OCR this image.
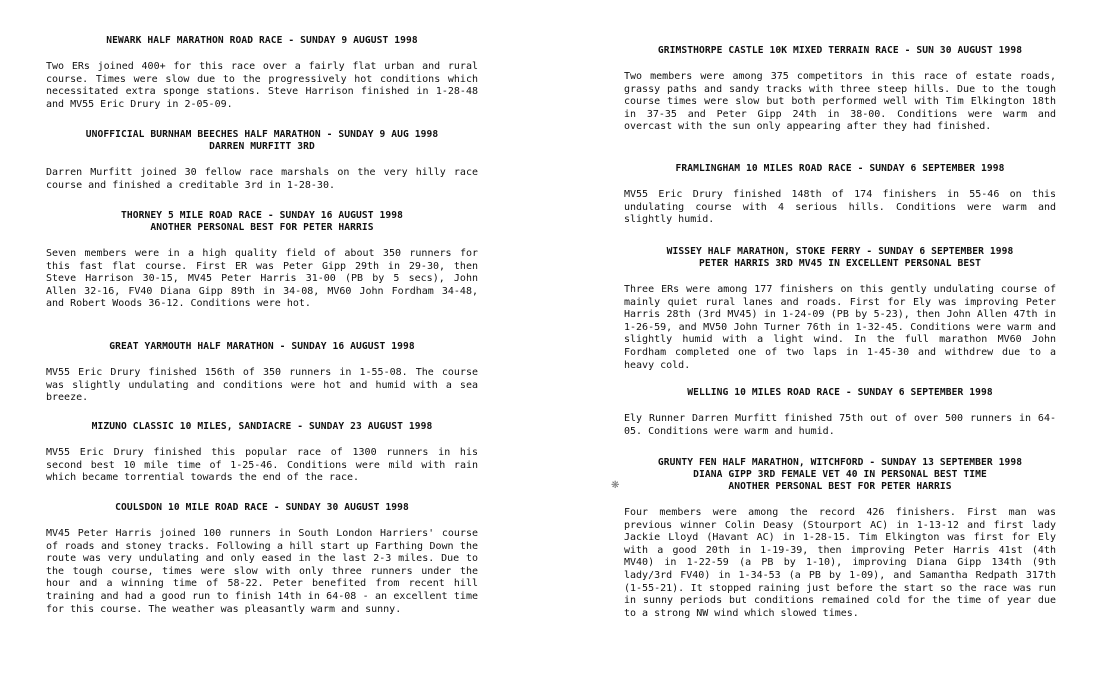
NEWARK HALF MARATHON ROAD RACE - SUNDAY 9 AUGUST 1998
Two ERs joined 400+ for this race over a fairly flat urban and rural course. Times were slow due to the progressively hot conditions which necessitated extra sponge stations. Steve Harrison finished in 1-28-48 and MV55 Eric Drury in 2-05-09.
UNOFFICIAL BURNHAM BEECHES HALF MARATHON - SUNDAY 9 AUG 1998
DARREN MURFITT 3RD
Darren Murfitt joined 30 fellow race marshals on the very hilly race course and finished a creditable 3rd in 1-28-30.
THORNEY 5 MILE ROAD RACE - SUNDAY 16 AUGUST 1998
ANOTHER PERSONAL BEST FOR PETER HARRIS
Seven members were in a high quality field of about 350 runners for this fast flat course. First ER was Peter Gipp 29th in 29-30, then Steve Harrison 30-15, MV45 Peter Harris 31-00 (PB by 5 secs), John Allen 32-16, FV40 Diana Gipp 89th in 34-08, MV60 John Fordham 34-48, and Robert Woods 36-12. Conditions were hot.
GREAT YARMOUTH HALF MARATHON - SUNDAY 16 AUGUST 1998
MV55 Eric Drury finished 156th of 350 runners in 1-55-08. The course was slightly undulating and conditions were hot and humid with a sea breeze.
MIZUNO CLASSIC 10 MILES, SANDIACRE - SUNDAY 23 AUGUST 1998
MV55 Eric Drury finished this popular race of 1300 runners in his second best 10 mile time of 1-25-46. Conditions were mild with rain which became torrential towards the end of the race.
COULSDON 10 MILE ROAD RACE - SUNDAY 30 AUGUST 1998
MV45 Peter Harris joined 100 runners in South London Harriers' course of roads and stoney tracks. Following a hill start up Farthing Down the route was very undulating and only eased in the last 2-3 miles. Due to the tough course, times were slow with only three runners under the hour and a winning time of 58-22. Peter benefited from recent hill training and had a good run to finish 14th in 64-08 - an excellent time for this course. The weather was pleasantly warm and sunny.
GRIMSTHORPE CASTLE 10K MIXED TERRAIN RACE - SUN 30 AUGUST 1998
Two members were among 375 competitors in this race of estate roads, grassy paths and sandy tracks with three steep hills. Due to the tough course times were slow but both performed well with Tim Elkington 18th in 37-35 and Peter Gipp 24th in 38-00. Conditions were warm and overcast with the sun only appearing after they had finished.
FRAMLINGHAM 10 MILES ROAD RACE - SUNDAY 6 SEPTEMBER 1998
MV55 Eric Drury finished 148th of 174 finishers in 55-46 on this undulating course with 4 serious hills. Conditions were warm and slightly humid.
WISSEY HALF MARATHON, STOKE FERRY - SUNDAY 6 SEPTEMBER 1998
PETER HARRIS 3RD MV45 IN EXCELLENT PERSONAL BEST
Three ERs were among 177 finishers on this gently undulating course of mainly quiet rural lanes and roads. First for Ely was improving Peter Harris 28th (3rd MV45) in 1-24-09 (PB by 5-23), then John Allen 47th in 1-26-59, and MV50 John Turner 76th in 1-32-45. Conditions were warm and slightly humid with a light wind. In the full marathon MV60 John Fordham completed one of two laps in 1-45-30 and withdrew due to a heavy cold.
WELLING 10 MILES ROAD RACE - SUNDAY 6 SEPTEMBER 1998
Ely Runner Darren Murfitt finished 75th out of over 500 runners in 64-05. Conditions were warm and humid.
GRUNTY FEN HALF MARATHON, WITCHFORD - SUNDAY 13 SEPTEMBER 1998
DIANA GIPP 3RD FEMALE VET 40 IN PERSONAL BEST TIME
ANOTHER PERSONAL BEST FOR PETER HARRIS
Four members were among the record 426 finishers. First man was previous winner Colin Deasy (Stourport AC) in 1-13-12 and first lady Jackie Lloyd (Havant AC) in 1-28-15. Tim Elkington was first for Ely with a good 20th in 1-19-39, then improving Peter Harris 41st (4th MV40) in 1-22-59 (a PB by 1-10), improving Diana Gipp 134th (9th lady/3rd FV40) in 1-34-53 (a PB by 1-09), and Samantha Redpath 317th (1-55-21). It stopped raining just before the start so the race was run in sunny periods but conditions remained cold for the time of year due to a strong NW wind which slowed times.
❋
